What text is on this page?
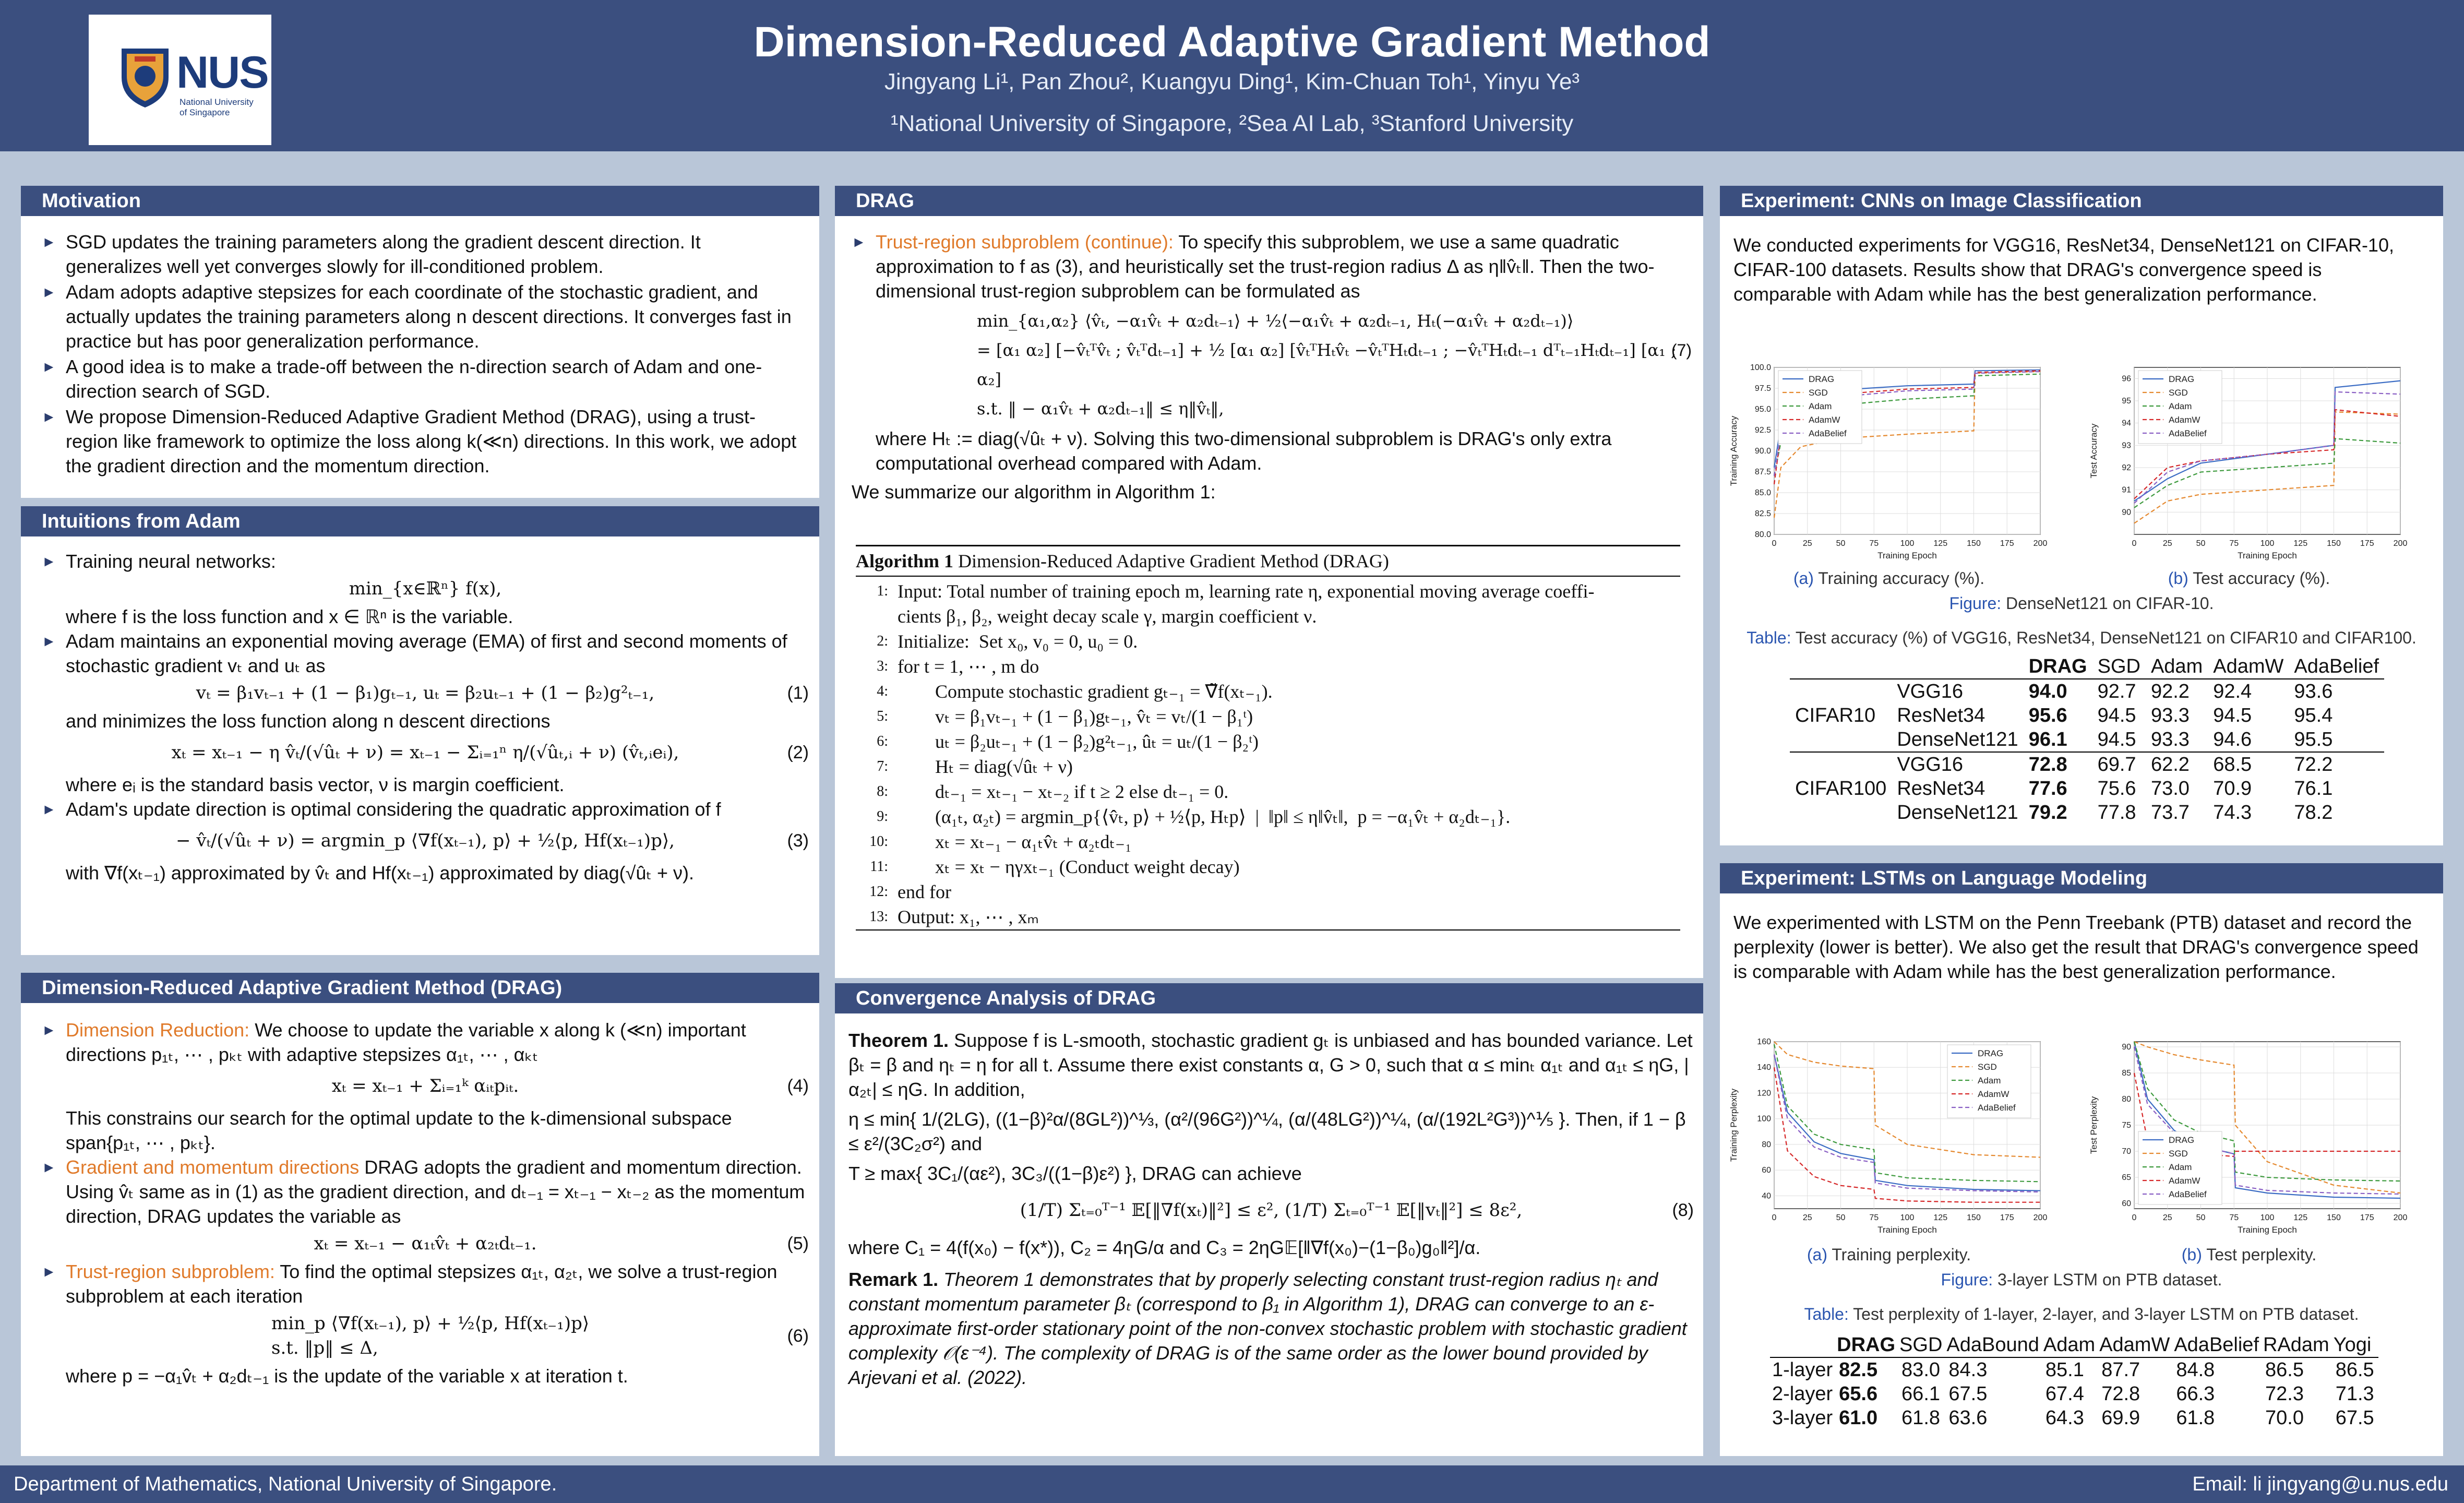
NUS
National University
of Singapore
Dimension-Reduced Adaptive Gradient Method
Jingyang Li¹, Pan Zhou², Kuangyu Ding¹, Kim-Chuan Toh¹, Yinyu Ye³
¹National University of Singapore, ²Sea AI Lab, ³Stanford University
Motivation
► SGD updates the training parameters along the gradient descent direction. It generalizes well yet converges slowly for ill-conditioned problem.
► Adam adopts adaptive stepsizes for each coordinate of the stochastic gradient, and actually updates the training parameters along n descent directions. It converges fast in practice but has poor generalization performance.
► A good idea is to make a trade-off between the n-direction search of Adam and one-direction search of SGD.
► We propose Dimension-Reduced Adaptive Gradient Method (DRAG), using a trust-region like framework to optimize the loss along k(≪n) directions. In this work, we adopt the gradient direction and the momentum direction.
Intuitions from Adam
► Training neural networks:
min_{x∈ℝⁿ} f(x),
where f is the loss function and x ∈ ℝⁿ is the variable.
► Adam maintains an exponential moving average (EMA) of first and second moments of stochastic gradient vₜ and uₜ as
vₜ = β₁vₜ₋₁ + (1 − β₁)gₜ₋₁, uₜ = β₂uₜ₋₁ + (1 − β₂)g²ₜ₋₁,	(1)
and minimizes the loss function along n descent directions
xₜ = xₜ₋₁ − η v̂ₜ/(√ûₜ + ν) = xₜ₋₁ − Σᵢ₌₁ⁿ η/(√ûₜ,ᵢ + ν) (v̂ₜ,ᵢeᵢ),	(2)
where eᵢ is the standard basis vector, ν is margin coefficient.
► Adam's update direction is optimal considering the quadratic approximation of f
− v̂ₜ/(√ûₜ + ν) = argmin_p ⟨∇f(xₜ₋₁), p⟩ + ½⟨p, Hf(xₜ₋₁)p⟩,	(3)
with ∇f(xₜ₋₁) approximated by v̂ₜ and Hf(xₜ₋₁) approximated by diag(√ûₜ + ν).
Dimension-Reduced Adaptive Gradient Method (DRAG)
► Dimension Reduction: We choose to update the variable x along k (≪n) important directions p₁ₜ, ⋯ , pₖₜ with adaptive stepsizes α₁ₜ, ⋯ , αₖₜ
xₜ = xₜ₋₁ + Σᵢ₌₁ᵏ αᵢₜpᵢₜ.	(4)
This constrains our search for the optimal update to the k-dimensional subspace span{p₁ₜ, ⋯ , pₖₜ}.
► Gradient and momentum directions DRAG adopts the gradient and momentum direction. Using v̂ₜ same as in (1) as the gradient direction, and dₜ₋₁ = xₜ₋₁ − xₜ₋₂ as the momentum direction, DRAG updates the variable as
xₜ = xₜ₋₁ − α₁ₜv̂ₜ + α₂ₜdₜ₋₁.	(5)
► Trust-region subproblem: To find the optimal stepsizes α₁ₜ, α₂ₜ, we solve a trust-region subproblem at each iteration
min_p ⟨∇f(xₜ₋₁), p⟩ + ½⟨p, Hf(xₜ₋₁)p⟩
s.t. ‖p‖ ≤ Δ,
(6)
where p = −α₁v̂ₜ + α₂dₜ₋₁ is the update of the variable x at iteration t.
DRAG
► Trust-region subproblem (continue): To specify this subproblem, we use a same quadratic approximation to f as (3), and heuristically set the trust-region radius Δ as η‖v̂ₜ‖. Then the two-dimensional trust-region subproblem can be formulated as
min_{α₁,α₂} ⟨v̂ₜ, −α₁v̂ₜ + α₂dₜ₋₁⟩ + ½⟨−α₁v̂ₜ + α₂dₜ₋₁, Hₜ(−α₁v̂ₜ + α₂dₜ₋₁)⟩
= [α₁ α₂] [−v̂ₜᵀv̂ₜ ; v̂ₜᵀdₜ₋₁] + ½ [α₁ α₂] [v̂ₜᵀHₜv̂ₜ −v̂ₜᵀHₜdₜ₋₁ ; −v̂ₜᵀHₜdₜ₋₁ dᵀₜ₋₁Hₜdₜ₋₁] [α₁ ; α₂]
s.t. ‖ − α₁v̂ₜ + α₂dₜ₋₁‖ ≤ η‖v̂ₜ‖,
(7)
where Hₜ := diag(√ûₜ + ν). Solving this two-dimensional subproblem is DRAG's only extra computational overhead compared with Adam.
We summarize our algorithm in Algorithm 1:
Algorithm 1 Dimension-Reduced Adaptive Gradient Method (DRAG)
1: Input: Total number of training epoch m, learning rate η, exponential moving average coeffi-
cients β₁, β₂, weight decay scale γ, margin coefficient ν.
2: Initialize:  Set x₀, v₀ = 0, u₀ = 0.
3: for t = 1, ⋯ , m do
4: Compute stochastic gradient gₜ₋₁ = ∇̃f(xₜ₋₁).
5: vₜ = β₁vₜ₋₁ + (1 − β₁)gₜ₋₁, v̂ₜ = vₜ/(1 − β₁ᵗ)
6: uₜ = β₂uₜ₋₁ + (1 − β₂)g²ₜ₋₁, ûₜ = uₜ/(1 − β₂ᵗ)
7: Hₜ = diag(√ûₜ + ν)
8: dₜ₋₁ = xₜ₋₁ − xₜ₋₂ if t ≥ 2 else dₜ₋₁ = 0.
9: (α₁ₜ, α₂ₜ) = argmin_p{⟨v̂ₜ, p⟩ + ½⟨p, Hₜp⟩  |  ‖p‖ ≤ η‖v̂ₜ‖,  p = −α₁v̂ₜ + α₂dₜ₋₁}.
10: xₜ = xₜ₋₁ − α₁ₜv̂ₜ + α₂ₜdₜ₋₁
11: xₜ = xₜ − ηγxₜ₋₁ (Conduct weight decay)
12: end for
13: Output: x₁, ⋯ , xₘ
Convergence Analysis of DRAG
Theorem 1. Suppose f is L-smooth, stochastic gradient gₜ is unbiased and has bounded variance. Let βₜ = β and ηₜ = η for all t. Assume there exist constants α, G > 0, such that α ≤ minₜ α₁ₜ and α₁ₜ ≤ ηG, |α₂ₜ| ≤ ηG. In addition,
η ≤ min{ 1/(2LG), ((1−β)²α/(8GL²))^⅓, (α²/(96G²))^¼, (α/(48LG²))^¼, (α/(192L²G³))^⅕ }. Then, if 1 − β ≤ ε²/(3C₂σ²) and
T ≥ max{ 3C₁/(αε²), 3C₃/((1−β)ε²) }, DRAG can achieve
(1/T) Σₜ₌₀ᵀ⁻¹ 𝔼[‖∇f(xₜ)‖²] ≤ ε², (1/T) Σₜ₌₀ᵀ⁻¹ 𝔼[‖vₜ‖²] ≤ 8ε²,	(8)
where C₁ = 4(f(x₀) − f(x*)), C₂ = 4ηG/α and C₃ = 2ηG𝔼[‖∇f(x₀)−(1−β₀)g₀‖²]/α.
Remark 1. Theorem 1 demonstrates that by properly selecting constant trust-region radius ηₜ and constant momentum parameter βₜ (correspond to β₁ in Algorithm 1), DRAG can converge to an ε-approximate first-order stationary point of the non-convex stochastic problem with stochastic gradient complexity 𝒪(ε⁻⁴). The complexity of DRAG is of the same order as the lower bound provided by Arjevani et al. (2022).
Experiment: CNNs on Image Classification
We conducted experiments for VGG16, ResNet34, DenseNet121 on CIFAR-10, CIFAR-100 datasets. Results show that DRAG's convergence speed is comparable with Adam while has the best generalization performance.
0	25	50	75	100 125 150 175 200
80.0
82.5
85.0
87.5
90.0
92.5
95.0
97.5
100.0
Training Epoch
Training Accuracy
DRAG
SGD
Adam
AdamW
AdaBelief
0	25	50	75	100 125 150 175 200
90
91
92
93
94
95
96
Training Epoch
Test Accuracy
DRAG
SGD
Adam
AdamW
AdaBelief
(a) Training accuracy (%).	(b) Test accuracy (%).
Figure: DenseNet121 on CIFAR-10.
Table: Test accuracy (%) of VGG16, ResNet34, DenseNet121 on CIFAR10 and CIFAR100.
		DRAG	SGD	Adam	AdamW	AdaBelief
CIFAR10	VGG16	94.0	92.7	92.2	92.4	93.6
	ResNet34	95.6	94.5	93.3	94.5	95.4
	DenseNet121	96.1	94.5	93.3	94.6	95.5
CIFAR100	VGG16	72.8	69.7	62.2	68.5	72.2
	ResNet34	77.6	75.6	73.0	70.9	76.1
	DenseNet121	79.2	77.8	73.7	74.3	78.2
Experiment: LSTMs on Language Modeling
We experimented with LSTM on the Penn Treebank (PTB) dataset and record the perplexity (lower is better). We also get the result that DRAG's convergence speed is comparable with Adam while has the best generalization performance.
0	25	50	75	100 125 150 175 200
40
60
80
100
120
140
160
Training Epoch
Training Perplexity
DRAG
SGD
Adam
AdamW
AdaBelief
0	25	50	75	100 125 150 175 200
60
65
70
75
80
85
90
Training Epoch
Test Perplexity	DRAG
SGD
Adam
AdamW
AdaBelief
(a) Training perplexity.	(b) Test perplexity.
Figure: 3-layer LSTM on PTB dataset.
Table: Test perplexity of 1-layer, 2-layer, and 3-layer LSTM on PTB dataset.
	DRAG	SGD	AdaBound	Adam	AdamW	AdaBelief	RAdam	Yogi
1-layer	82.5	83.0	84.3	85.1	87.7	84.8	86.5	86.5
2-layer	65.6	66.1	67.5	67.4	72.8	66.3	72.3	71.3
3-layer	61.0	61.8	63.6	64.3	69.9	61.8	70.0	67.5
Department of Mathematics, National University of Singapore.	Email: li jingyang@u.nus.edu
